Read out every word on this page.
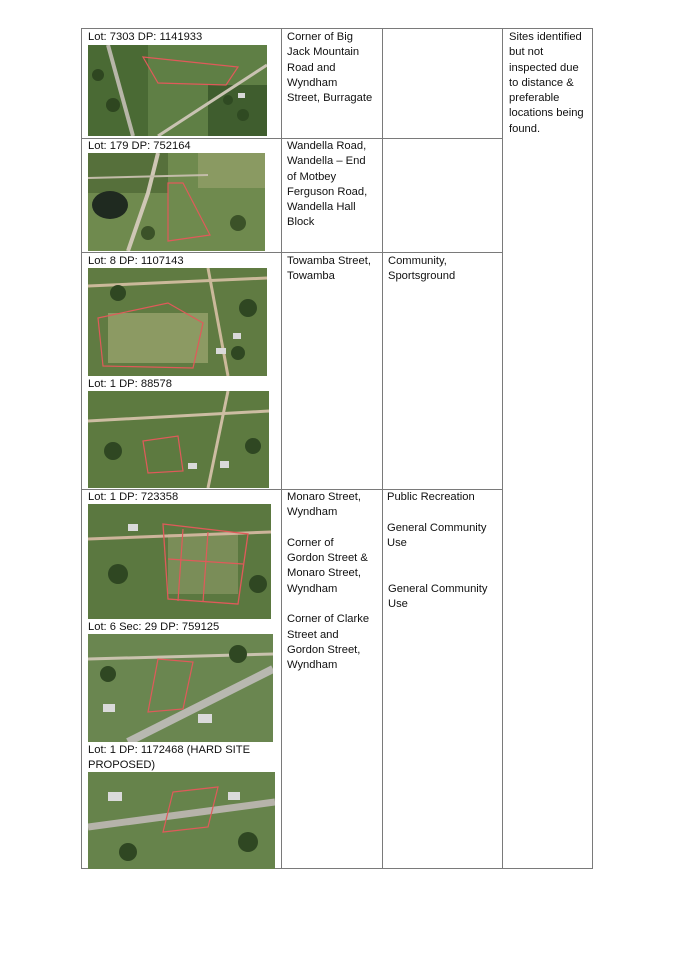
Lot: 7303 DP: 1141933	Corner of Big
Jack Mountain
Road and
Wyndham
Street, Burragate
Lot: 179 DP: 752164	Wandella Road,
Wandella – End
of Motbey
Ferguson Road,
Wandella Hall
Block
Lot: 8 DP: 1107143
Lot: 1 DP: 88578
Towamba Street,
Towamba
Community,
Sportsground
Lot: 1 DP: 723358
Lot: 6 Sec: 29 DP: 759125
Lot: 1 DP: 1172468 (HARD SITE
PROPOSED)
Monaro Street,
Wyndham

Corner of
Gordon Street &
Monaro Street,
Wyndham

Corner of Clarke
Street and
Gordon Street,
Wyndham
Public Recreation
General Community
Use
General Community
Use
Sites identified
but not
inspected due
to distance &
preferable
locations being
found.
